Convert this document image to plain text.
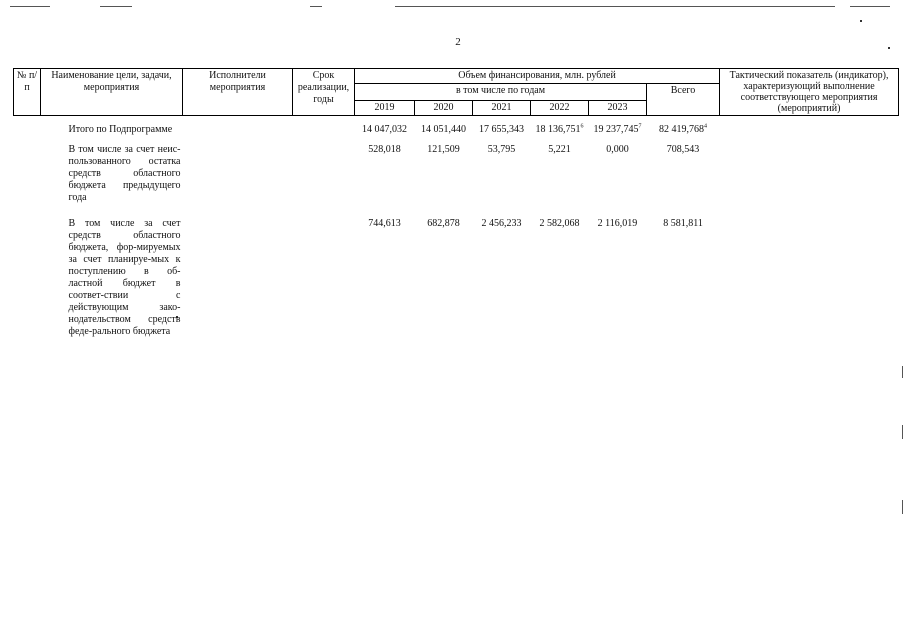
2
№ п/п	Наименование цели, задачи, мероприятия	Исполнители мероприятия	Срок реализации, годы	Объем финансирования, млн. рублей						Тактический показатель (индикатор), характеризующий выполнение соответствующего мероприятия (мероприятий)
				в том числе по годам					Всего	
				2019	2020	2021	2022	2023		

	Итого по Подпрограмме			14 047,032	14 051,440	17 655,343	18 136,751$^6$	19 237,745$^7$	82 419,768$^4$	

	В том числе за счет неис-пользованного остатка средств областного бюджета предыдущего года			528,018	121,509	53,795	5,221	0,000	708,543	

	В том числе за счет средств областного бюджета, фор-мируемых за счет планируе-мых к поступлению в об-ластной бюджет в соответ-ствии с действующим зако-нодательством средств феде-рального бюджета			744,613	682,878	2 456,233	2 582,068	2 116,019	8 581,811	
